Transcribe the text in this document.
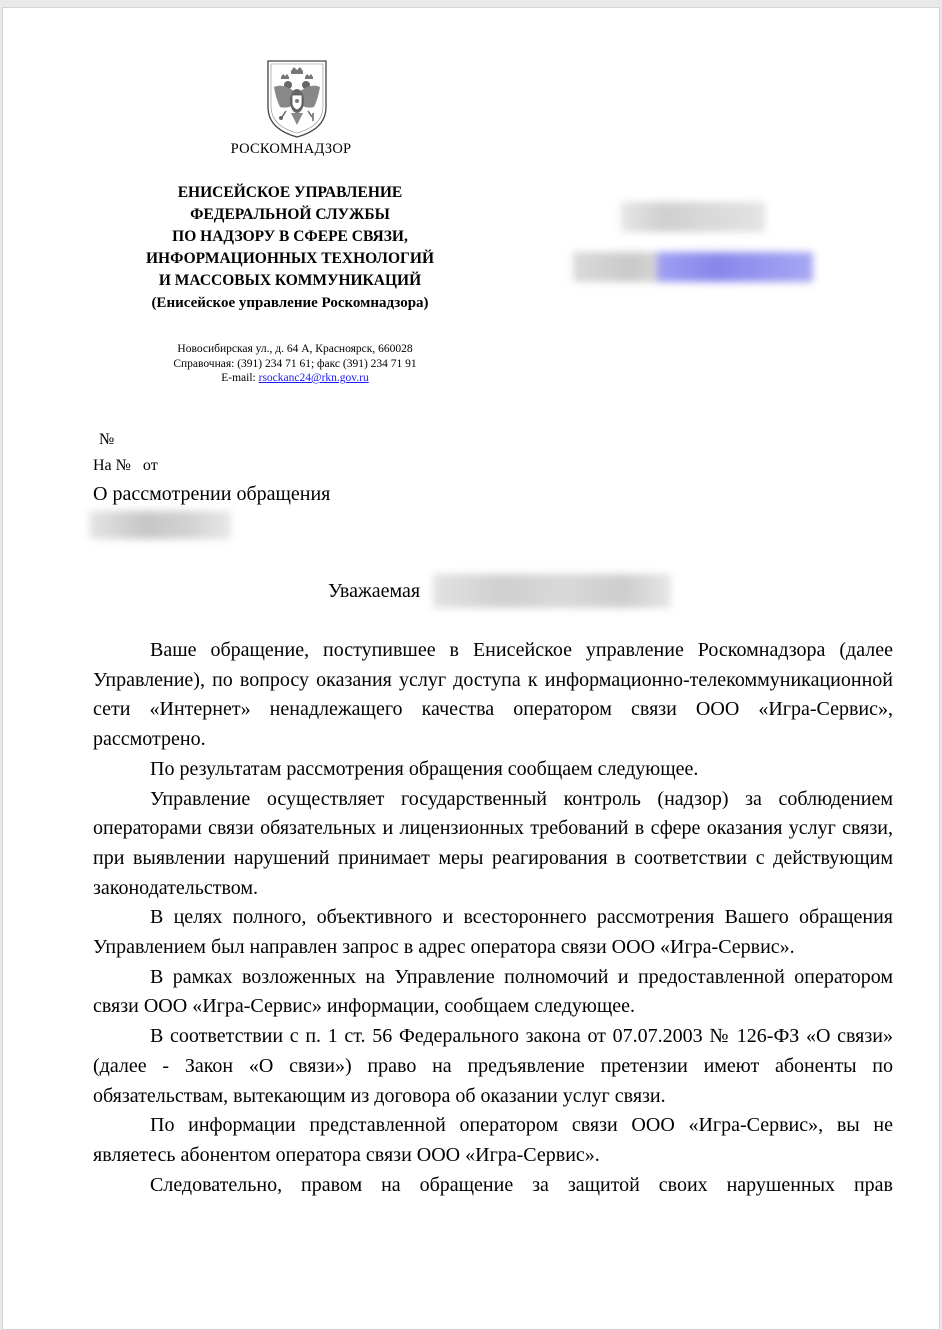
РОСКОМНАДЗОР
ЕНИСЕЙСКОЕ УПРАВЛЕНИЕ
ФЕДЕРАЛЬНОЙ СЛУЖБЫ
ПО НАДЗОРУ В СФЕРЕ СВЯЗИ,
ИНФОРМАЦИОННЫХ ТЕХНОЛОГИЙ
И МАССОВЫХ КОММУНИКАЦИЙ
(Енисейское управление Роскомнадзора)
Новосибирская ул., д. 64 А, Красноярск, 660028
Справочная: (391) 234 71 61; факс (391) 234 71 91
E-mail: rsockanc24@rkn.gov.ru
№
На № от
О рассмотрении обращения
Уважаемая

Ваше обращение, поступившее в Енисейское управление Роскомнадзора (далее Управление), по вопросу оказания услуг доступа к информационно-телекоммуникационной сети «Интернет» ненадлежащего качества оператором связи ООО «Игра-Сервис», рассмотрено.

По результатам рассмотрения обращения сообщаем следующее.

Управление осуществляет государственный контроль (надзор) за соблюдением операторами связи обязательных и лицензионных требований в сфере оказания услуг связи, при выявлении нарушений принимает меры реагирования в соответствии с действующим законодательством.

В целях полного, объективного и всестороннего рассмотрения Вашего обращения Управлением был направлен запрос в адрес оператора связи ООО «Игра-Сервис».

В рамках возложенных на Управление полномочий и предоставленной оператором связи ООО «Игра-Сервис» информации, сообщаем следующее.

В соответствии с п. 1 ст. 56 Федерального закона от 07.07.2003 № 126-ФЗ «О связи» (далее - Закон «О связи») право на предъявление претензии имеют абоненты по обязательствам, вытекающим из договора об оказании услуг связи.

По информации представленной оператором связи ООО «Игра-Сервис», вы не являетесь абонентом оператора связи ООО «Игра-Сервис».

Следовательно, правом на обращение за защитой своих нарушенных прав
